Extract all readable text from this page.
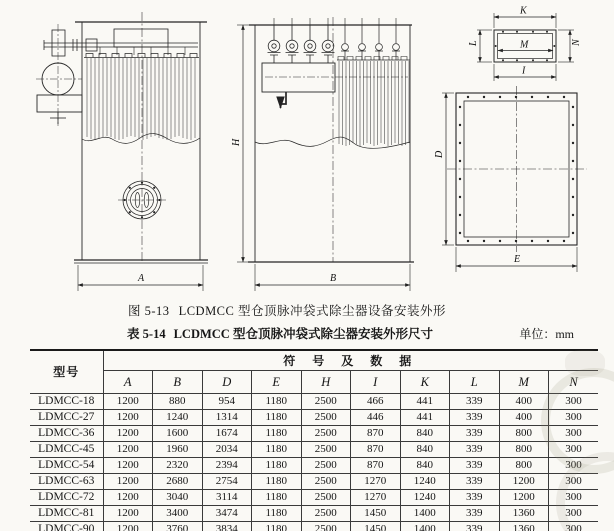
A
H
B
K
M
L	N
I
D
E
图 5-13 LCDMCC 型仓顶脉冲袋式除尘器设备安装外形
表 5-14 LCDMCC 型仓顶脉冲袋式除尘器安装外形尺寸	单位：mm
型号	符 号 及 数 据									
	A	B	D	E	H	I	K	L	M	N
LDMCC-18	1200	880	954	1180	2500	466	441	339	400	300
LDMCC-27	1200	1240	1314	1180	2500	446	441	339	400	300
LDMCC-36	1200	1600	1674	1180	2500	870	840	339	800	300
LDMCC-45	1200	1960	2034	1180	2500	870	840	339	800	300
LDMCC-54	1200	2320	2394	1180	2500	870	840	339	800	300
LDMCC-63	1200	2680	2754	1180	2500	1270	1240	339	1200	300
LDMCC-72	1200	3040	3114	1180	2500	1270	1240	339	1200	300
LDMCC-81	1200	3400	3474	1180	2500	1450	1400	339	1360	300
LDMCC-90	1200	3760	3834	1180	2500	1450	1400	339	1360	300
